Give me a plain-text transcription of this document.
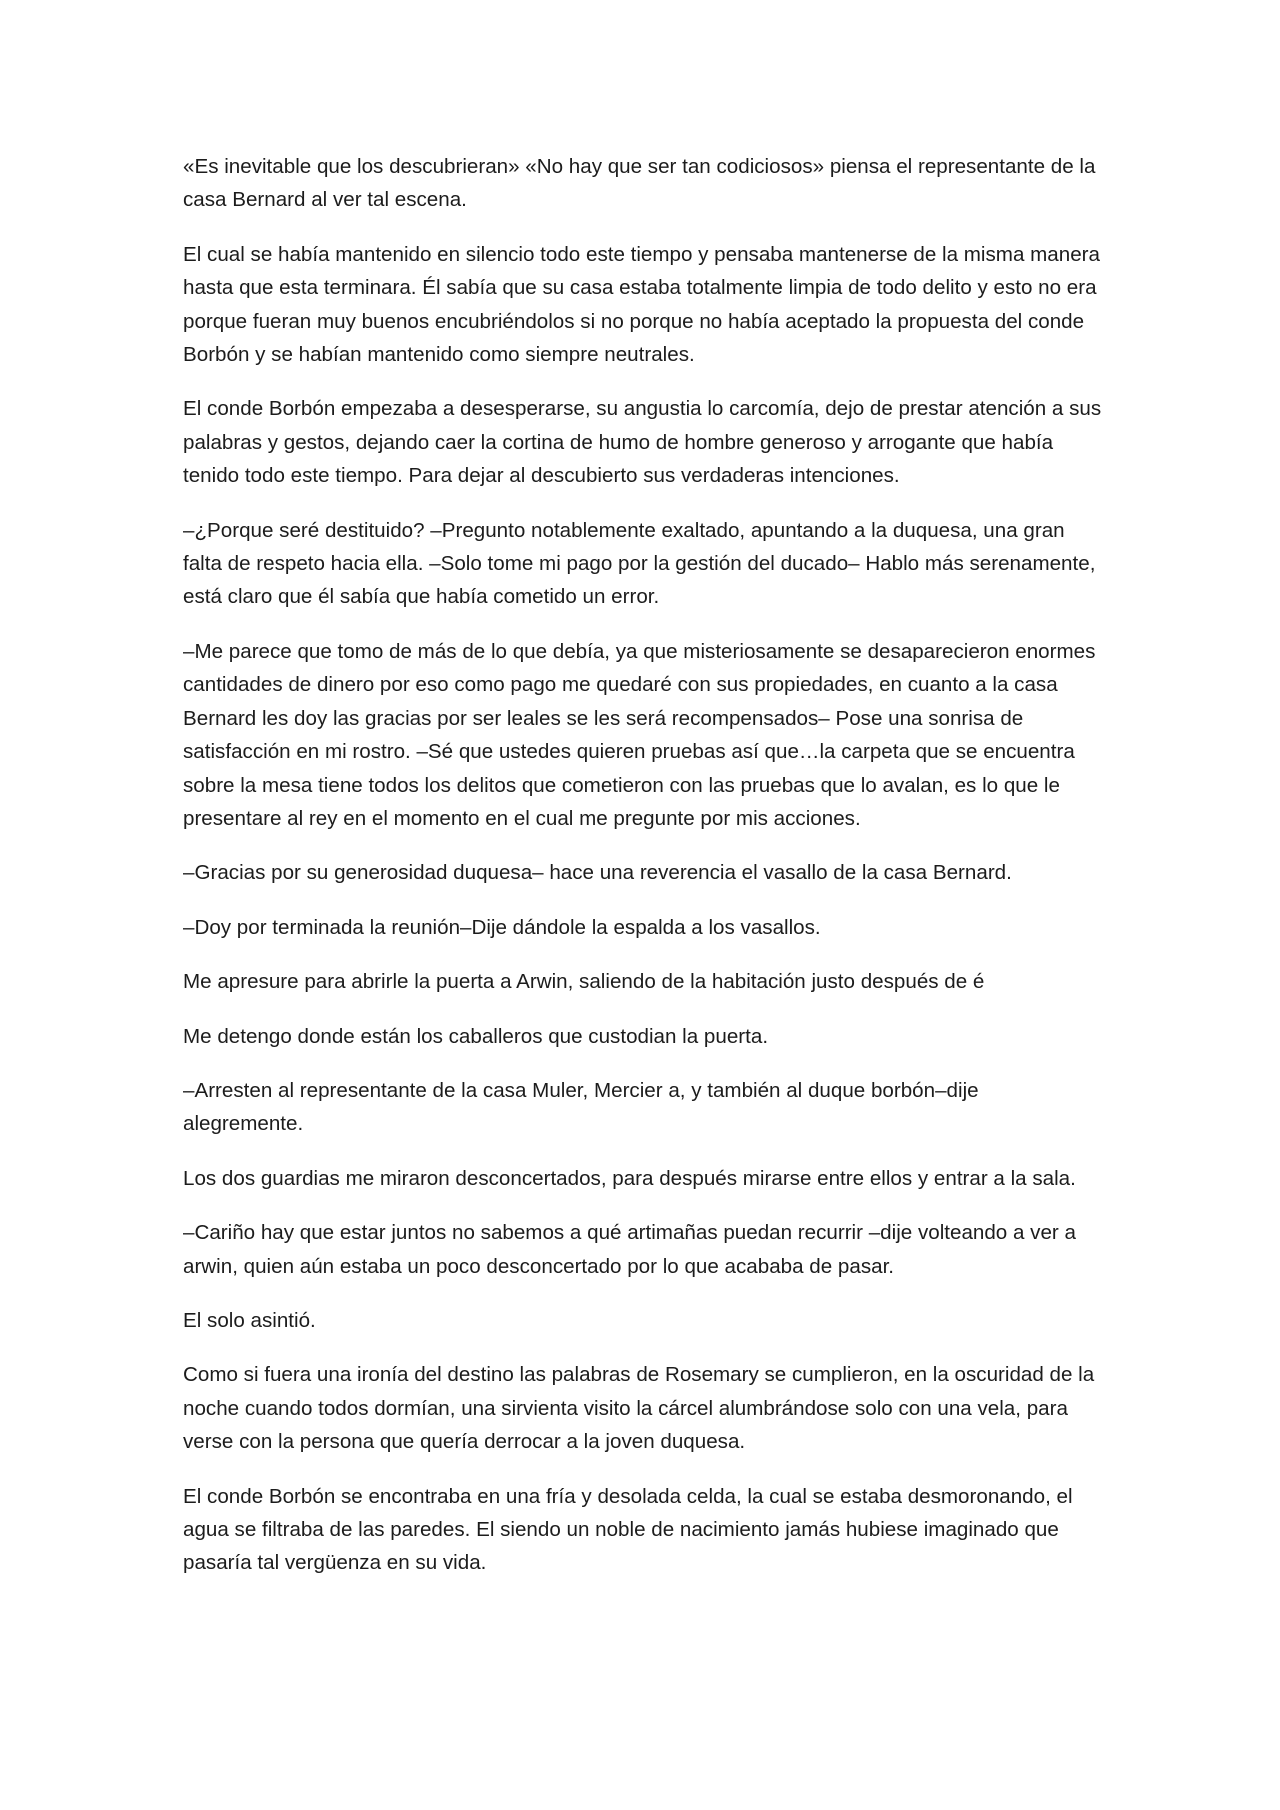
«Es inevitable que los descubrieran» «No hay que ser tan codiciosos» piensa el representante de la casa Bernard al ver tal escena.

El cual se había mantenido en silencio todo este tiempo y pensaba mantenerse de la misma manera hasta que esta terminara. Él sabía que su casa estaba totalmente limpia de todo delito y esto no era porque fueran muy buenos encubriéndolos si no porque no había aceptado la propuesta del conde Borbón y se habían mantenido como siempre neutrales.

El conde Borbón empezaba a desesperarse, su angustia lo carcomía, dejo de prestar atención a sus palabras y gestos, dejando caer la cortina de humo de hombre generoso y arrogante que había tenido todo este tiempo. Para dejar al descubierto sus verdaderas intenciones.

–¿Porque seré destituido? –Pregunto notablemente exaltado, apuntando a la duquesa, una gran falta de respeto hacia ella. –Solo tome mi pago por la gestión del ducado– Hablo más serenamente, está claro que él sabía que había cometido un error.

–Me parece que tomo de más de lo que debía, ya que misteriosamente se desaparecieron enormes cantidades de dinero por eso como pago me quedaré con sus propiedades, en cuanto a la casa Bernard les doy las gracias por ser leales se les será recompensados– Pose una sonrisa de satisfacción en mi rostro. –Sé que ustedes quieren pruebas así que…la carpeta que se encuentra sobre la mesa tiene todos los delitos que cometieron con las pruebas que lo avalan, es lo que le presentare al rey en el momento en el cual me pregunte por mis acciones.

–Gracias por su generosidad duquesa– hace una reverencia el vasallo de la casa Bernard.

–Doy por terminada la reunión–Dije dándole la espalda a los vasallos.

Me apresure para abrirle la puerta a Arwin, saliendo de la habitación justo después de é

Me detengo donde están los caballeros que custodian la puerta.

–Arresten al representante de la casa Muler, Mercier a, y también al duque borbón–dije alegremente.

Los dos guardias me miraron desconcertados, para después mirarse entre ellos y entrar a la sala.

–Cariño hay que estar juntos no sabemos a qué artimañas puedan recurrir –dije volteando a ver a arwin, quien aún estaba un poco desconcertado por lo que acababa de pasar.

El solo asintió.

Como si fuera una ironía del destino las palabras de Rosemary se cumplieron, en la oscuridad de la noche cuando todos dormían, una sirvienta visito la cárcel alumbrándose solo con una vela, para verse con la persona que quería derrocar a la joven duquesa.

El conde Borbón se encontraba en una fría y desolada celda, la cual se estaba desmoronando, el agua se filtraba de las paredes. El siendo un noble de nacimiento jamás hubiese imaginado que pasaría tal vergüenza en su vida.
